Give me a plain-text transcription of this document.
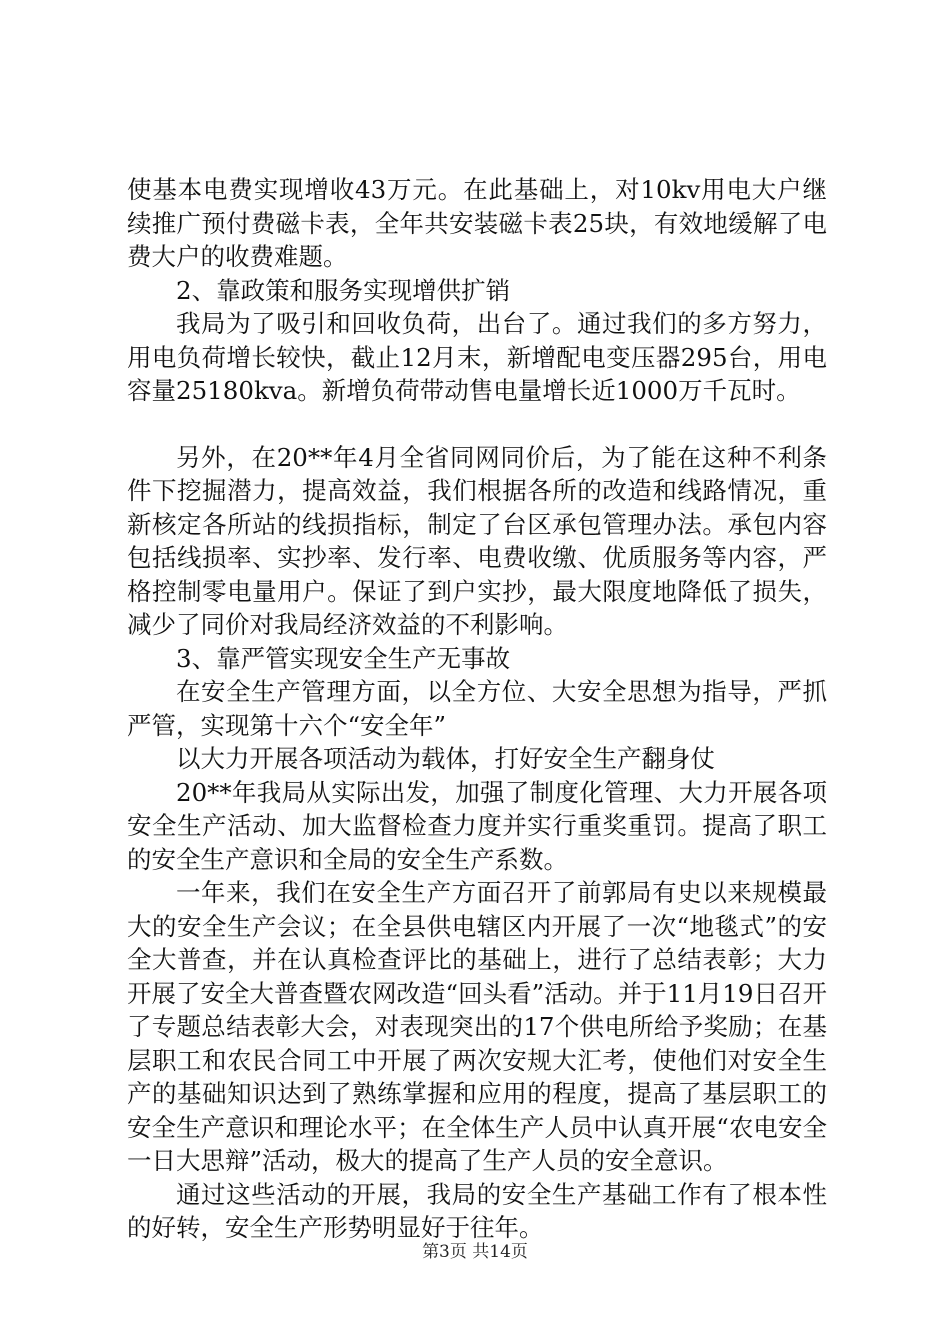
使基本电费实现增收43万元。在此基础上，对10kv用电大户继续推广预付费磁卡表，全年共安装磁卡表25块，有效地缓解了电费大户的收费难题。

2、靠政策和服务实现增供扩销

我局为了吸引和回收负荷，出台了。通过我们的多方努力，用电负荷增长较快，截止12月末，新增配电变压器295台，用电容量25180kva。新增负荷带动售电量增长近1000万千瓦时。

另外，在20**年4月全省同网同价后，为了能在这种不利条件下挖掘潜力，提高效益，我们根据各所的改造和线路情况，重新核定各所站的线损指标，制定了台区承包管理办法。承包内容包括线损率、实抄率、发行率、电费收缴、优质服务等内容，严格控制零电量用户。保证了到户实抄，最大限度地降低了损失，减少了同价对我局经济效益的不利影响。

3、靠严管实现安全生产无事故

在安全生产管理方面，以全方位、大安全思想为指导，严抓严管，实现第十六个“安全年”

以大力开展各项活动为载体，打好安全生产翻身仗

20**年我局从实际出发，加强了制度化管理、大力开展各项安全生产活动、加大监督检查力度并实行重奖重罚。提高了职工的安全生产意识和全局的安全生产系数。

一年来，我们在安全生产方面召开了前郭局有史以来规模最大的安全生产会议；在全县供电辖区内开展了一次“地毯式”的安全大普查，并在认真检查评比的基础上，进行了总结表彰；大力开展了安全大普查暨农网改造“回头看”活动。并于11月19日召开了专题总结表彰大会，对表现突出的17个供电所给予奖励；在基层职工和农民合同工中开展了两次安规大汇考，使他们对安全生产的基础知识达到了熟练掌握和应用的程度，提高了基层职工的安全生产意识和理论水平；在全体生产人员中认真开展“农电安全一日大思辩”活动，极大的提高了生产人员的安全意识。

通过这些活动的开展，我局的安全生产基础工作有了根本性的好转，安全生产形势明显好于往年。

第3页 共14页
